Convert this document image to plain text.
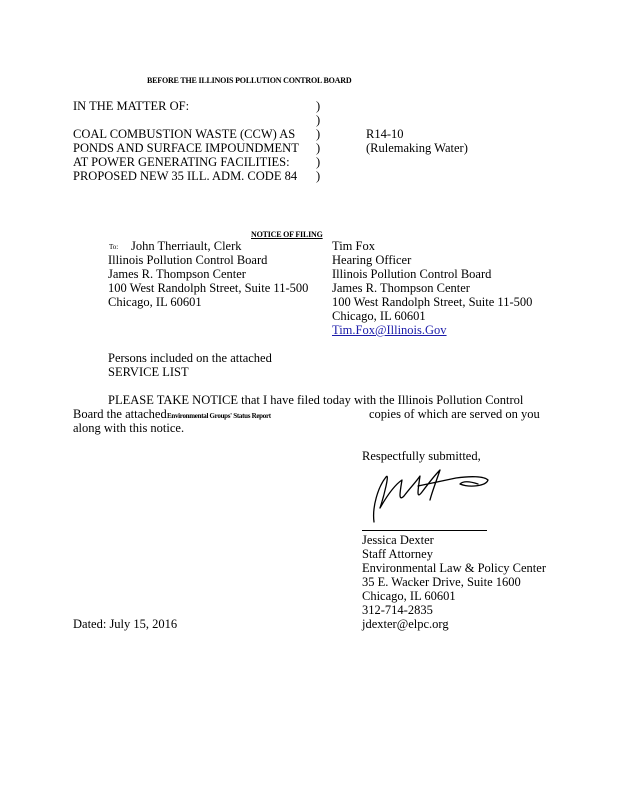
BEFORE THE ILLINOIS POLLUTION CONTROL BOARD
IN THE MATTER OF:
COAL COMBUSTION WASTE (CCW) AS
PONDS AND SURFACE IMPOUNDMENT
AT POWER GENERATING FACILITIES:
PROPOSED NEW 35 ILL. ADM. CODE 84
)
)
)
)
)
)
R14-10
(Rulemaking Water)
NOTICE OF FILING
To: John Therriault, Clerk
Illinois Pollution Control Board
James R. Thompson Center
100 West Randolph Street, Suite 11-500
Chicago, IL 60601
Tim Fox
Hearing Officer
Illinois Pollution Control Board
James R. Thompson Center
100 West Randolph Street, Suite 11-500
Chicago, IL 60601
Tim.Fox@Illinois.Gov
Persons included on the attached
SERVICE LIST
PLEASE TAKE NOTICE that I have filed today with the Illinois Pollution Control
Board the attached Environmental Groups' Status Report	copies of which are served on you
along with this notice.
Respectfully submitted,
Jessica Dexter
Staff Attorney
Environmental Law & Policy Center
35 E. Wacker Drive, Suite 1600
Chicago, IL 60601
312-714-2835
jdexter@elpc.org
Dated: July 15, 2016
